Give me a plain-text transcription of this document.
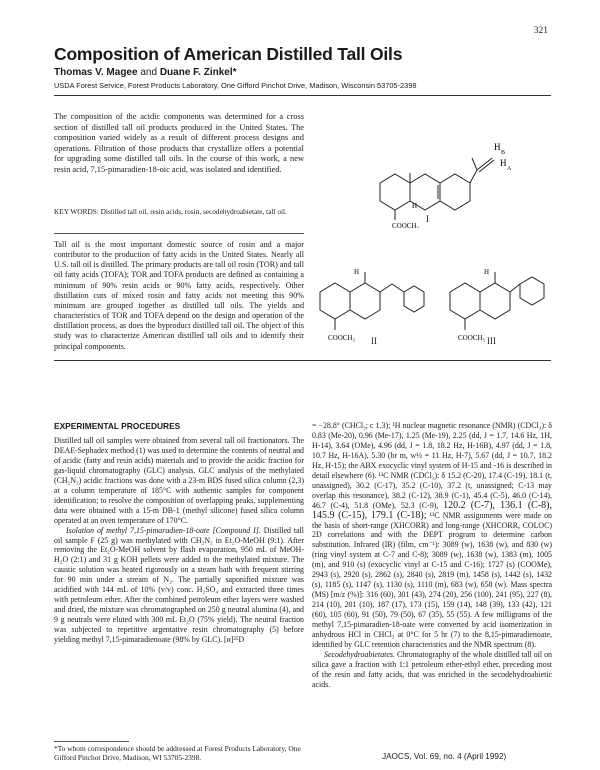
321
Composition of American Distilled Tall Oils
Thomas V. Magee and Duane F. Zinkel*
USDA Forest Service, Forest Products Laboratory, One Gifford Pinchot Drive, Madison, Wisconsin 53705-2398
The composition of the acidic components was determined for a cross section of distilled tall oil products produced in the United States. The composition varied widely as a result of different process designs and operations. Filtration of those products that crystallize offers a potential for upgrading some distilled tall oils. In the course of this work, a new resin acid, 7,15-pimaradien-18-oic acid, was isolated and identified.
KEY WORDS: Distilled tall oil, resin acids, rosin, secodehydroabietate, tall oil.
Tall oil is the most important domestic source of rosin and a major contributor to the production of fatty acids in the United States. Nearly all U.S. tall oil is distilled. The primary products are tall oil rosin (TOR) and tall oil fatty acids (TOFA); TOR and TOFA products are defined as containing a minimum of 90% resin acids or 90% fatty acids, respectively. Other distillation cuts of mixed rosin and fatty acids not meeting this 90% minimum are grouped together as distilled tall oils. The yields and characteristics of TOR and TOFA depend on the design and operation of the distillation process, as does the byproduct distilled tall oil. The object of this study was to characterize American distilled tall oils and to identify their principal components.
H
B
H
A
H
COOCH₃
I
H
COOCH₃ II	COOCH₃
H
III
EXPERIMENTAL PROCEDURES

Distilled tall oil samples were obtained from several tall oil fractionators. The DEAE-Sephadex method (1) was used to determine the contents of neutral and of acidic (fatty and resin acids) materials and to provide the acidic fraction for gas-liquid chromatography (GLC) analysis. GLC analysis of the methylated (CH₂N₂) acidic fractions was done with a 23-m BDS fused silica column (2,3) at a column temperature of 185°C with authentic samples for component identification; to resolve the composition of overlapping peaks, supplementing data were obtained with a 15-m DB-1 (methyl silicone) fused silica column operated at an oven temperature of 170°C.

Isolation of methyl 7,15-pimaradien-18-oate [Compound I]. Distilled tall oil sample F (25 g) was methylated with CH₂N₂ in Et₂O-MeOH (9:1). After removing the Et₂O-MeOH solvent by flash evaporation, 950 mL of MeOH-H₂O (2:1) and 31 g KOH pellets were added to the methylated mixture. The caustic solution was heated rigorously on a steam bath with frequent stirring for 90 min under a stream of N₂. The partially saponified mixture was acidified with 144 mL of 10% (v/v) conc. H₂SO₄ and extracted three times with petroleum ether. After the combined petroleum ether layers were washed and dried, the mixture was chromatographed on 250 g neutral alumina (4), and 9 g neutrals were eluted with 300 mL Et₂O (75% yield). The neutral fraction was subjected to repetitive argentative resin chromatography (5) before yielding methyl 7,15-pimaradienoate (98% by GLC). [α]²⁵D

= −28.8° (CHCl₃; c 1.3); ¹H nuclear magnetic resonance (NMR) (CDCl₃): δ 0.83 (Me-20), 0.96 (Me-17), 1.25 (Me-19), 2.25 (dd, J = 1.7, 14.6 Hz, 1H, H-14), 3.64 (OMe), 4.96 (dd, J = 1.8, 18.2 Hz, H-16B), 4.97 (dd, J = 1.8, 10.7 Hz, H-16A), 5.30 (br m, w½ = 11 Hz, H-7), 5.67 (dd, J = 10.7, 18.2 Hz, H-15); the ABX exocyclic vinyl system of H-15 and -16 is described in detail elsewhere (6). ¹³C NMR (CDCl₃): δ 15.2 (C-20), 17.4 (C-19), 18.1 (t, unassigned), 30.2 (C-17), 35.2 (C-10), 37.2 (t, unassigned; C-13 may overlap this resonance), 38.2 (C-12), 38.9 (C-1), 45.4 (C-5), 46.0 (C-14), 46.7 (C-4), 51.8 (OMe), 52.3 (C-9), 120.2 (C-7), 136.1 (C-8), 145.9 (C-15), 179.1 (C-18); ¹³C NMR assignments were made on the basis of short-range (XHCORR) and long-range (XHCORR, COLOC) 2D correlations and with the DEPT program to determine carbon substitution. Infrared (IR) (film, cm⁻¹): 3089 (w), 1638 (w), and 830 (w) (ring vinyl system at C-7 and C-8); 3089 (w), 1638 (w), 1383 (m), 1005 (m), and 910 (s) (exocyclic vinyl at C-15 and C-16); 1727 (s) (COOMe), 2943 (s), 2920 (s), 2862 (s), 2840 (s), 2819 (m), 1458 (s), 1442 (s), 1432 (s), 1185 (s), 1147 (s), 1130 (s), 1110 (m), 683 (w), 658 (w). Mass spectra (MS) [m/z (%)]: 316 (60), 301 (43), 274 (20), 256 (100), 241 (95), 227 (8), 214 (10), 201 (10), 187 (17), 173 (15), 159 (14), 148 (39), 133 (42), 121 (60), 105 (60), 91 (50), 79 (50), 67 (35), 55 (55). A few milligrams of the methyl 7,15-pimaradien-18-oate were converted by acid isomerization in anhydrous HCl in CHCl₃ at 0°C for 5 hr (7) to the 8,15-pimaradienoate, identified by GLC retention characteristics and the NMR spectrum (8).

Secodehydroabietates. Chromatography of the whole distilled tall oil on silica gave a fraction with 1:1 petroleum ether-ethyl ether, preceding most of the resin and fatty acids, that was enriched in the secodehydroabietic acids.

*To whom correspondence should be addressed at Forest Products Laboratory, One Gifford Pinchot Drive, Madison, WI 53705-2398.	JAOCS, Vol. 69, no. 4 (April 1992)
